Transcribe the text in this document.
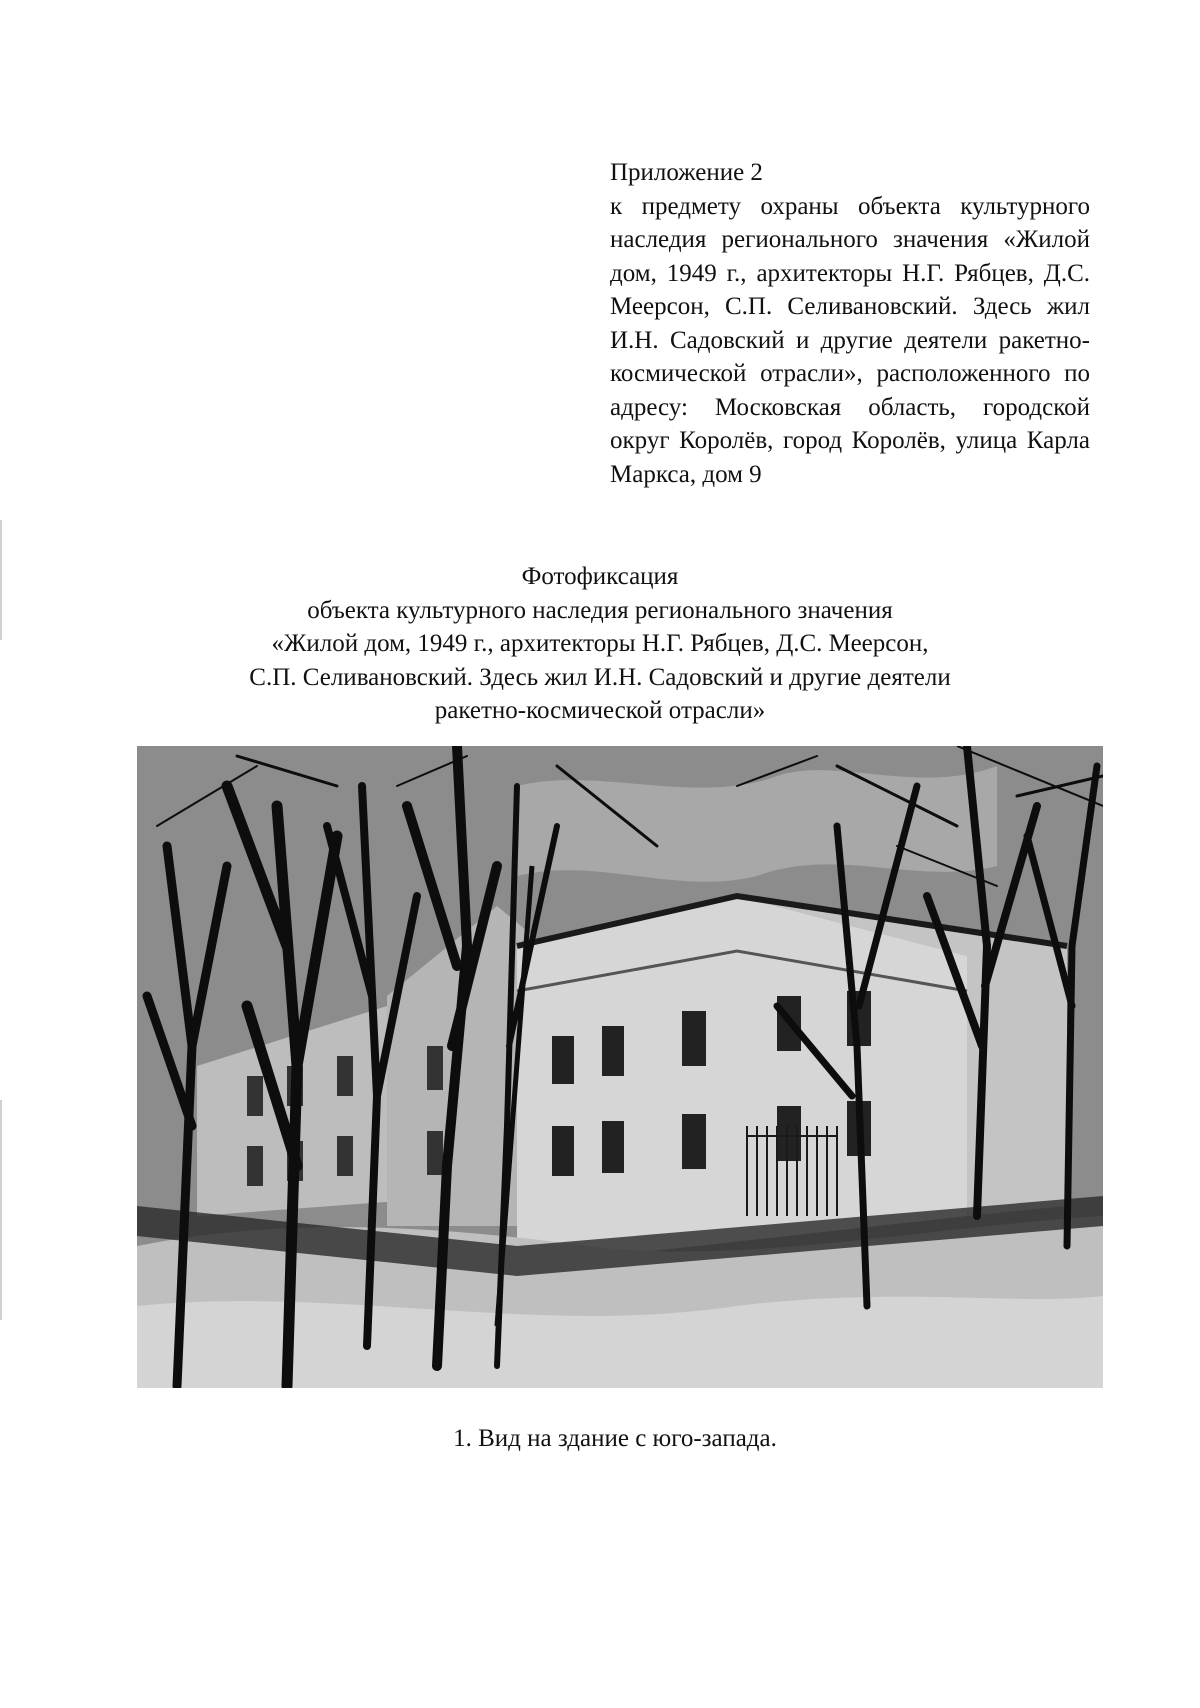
Приложение 2
к предмету охраны объекта культурного наследия регионального значения «Жилой дом, 1949 г., архитекторы Н.Г. Рябцев, Д.С. Меерсон, С.П. Селивановский. Здесь жил И.Н. Садовский и другие деятели ракетно-космической отрасли», расположенного по адресу: Московская область, городской округ Королёв, город Королёв, улица Карла Маркса, дом 9
Фотофиксация
объекта культурного наследия регионального значения
«Жилой дом, 1949 г., архитекторы Н.Г. Рябцев, Д.С. Меерсон,
С.П. Селивановский. Здесь жил И.Н. Садовский и другие деятели
ракетно-космической отрасли»
1. Вид на здание с юго-запада.
